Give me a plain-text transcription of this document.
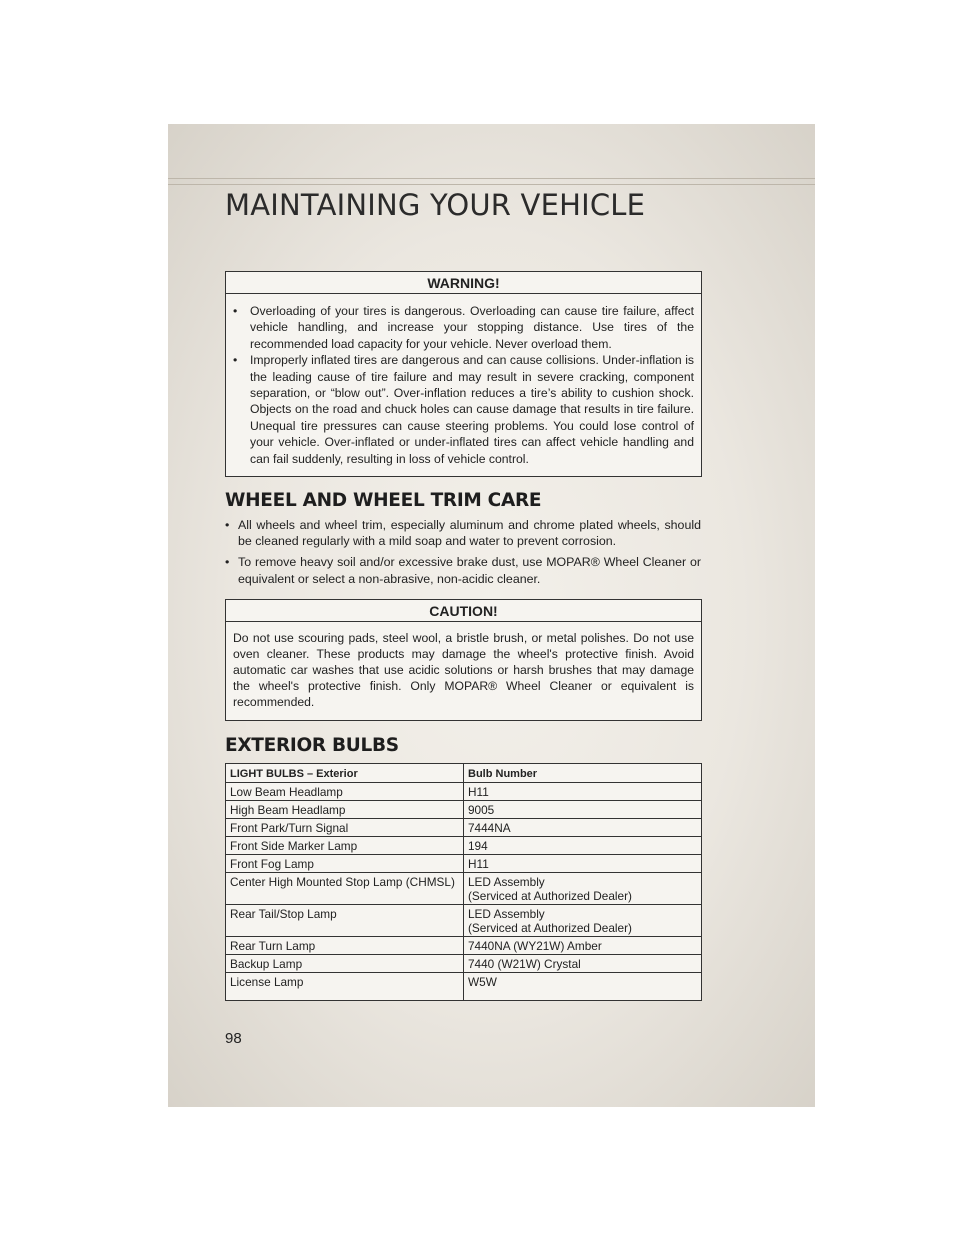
MAINTAINING YOUR VEHICLE
WARNING!
• Overloading of your tires is dangerous. Overloading can cause tire failure, affect vehicle handling, and increase your stopping distance. Use tires of the recommended load capacity for your vehicle. Never overload them.
• Improperly inflated tires are dangerous and can cause collisions. Under-inflation is the leading cause of tire failure and may result in severe cracking, component separation, or “blow out”. Over-inflation reduces a tire’s ability to cushion shock. Objects on the road and chuck holes can cause damage that results in tire failure. Unequal tire pressures can cause steering problems. You could lose control of your vehicle. Over-inflated or under-inflated tires can affect vehicle handling and can fail suddenly, resulting in loss of vehicle control.
WHEEL AND WHEEL TRIM CARE
• All wheels and wheel trim, especially aluminum and chrome plated wheels, should be cleaned regularly with a mild soap and water to prevent corrosion.
• To remove heavy soil and/or excessive brake dust, use MOPAR® Wheel Cleaner or equivalent or select a non-abrasive, non-acidic cleaner.
CAUTION!

Do not use scouring pads, steel wool, a bristle brush, or metal polishes. Do not use oven cleaner. These products may damage the wheel's protective finish. Avoid automatic car washes that use acidic solutions or harsh brushes that may damage the wheel's protective finish. Only MOPAR® Wheel Cleaner or equivalent is recommended.

EXTERIOR BULBS
LIGHT BULBS – Exterior	Bulb Number
Low Beam Headlamp	H11
High Beam Headlamp	9005
Front Park/Turn Signal	7444NA
Front Side Marker Lamp	194
Front Fog Lamp	H11
Center High Mounted Stop Lamp (CHMSL)	LED Assembly
(Serviced at Authorized Dealer)

Rear Tail/Stop Lamp	LED Assembly
(Serviced at Authorized Dealer)

Rear Turn Lamp	7440NA (WY21W) Amber
Backup Lamp	7440 (W21W) Crystal
License Lamp	W5W
98
